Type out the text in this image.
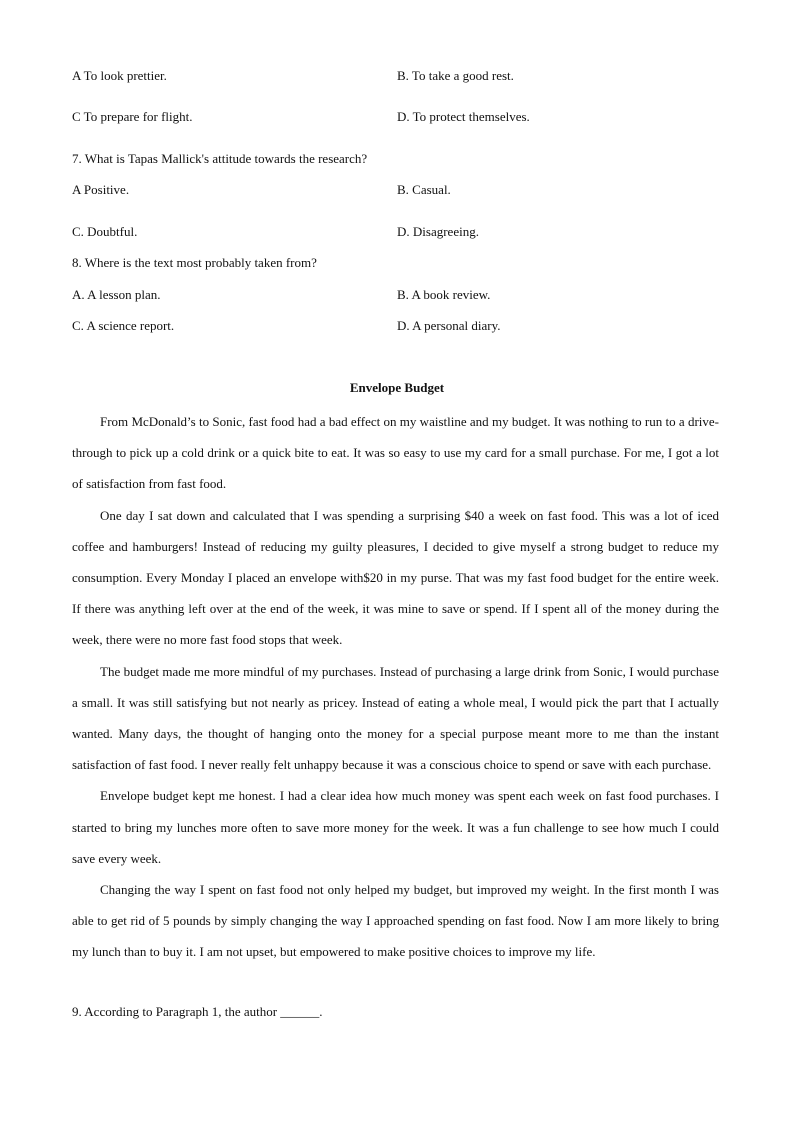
A To look prettier.	B. To take a good rest.
C To prepare for flight.	D. To protect themselves.
7. What is Tapas Mallick's attitude towards the research?
A Positive.	B. Casual.
C. Doubtful.	D. Disagreeing.
8. Where is the text most probably taken from?
A. A lesson plan.	B. A book review.
C. A science report.	D. A personal diary.
Envelope Budget

From McDonald’s to Sonic, fast food had a bad effect on my waistline and my budget. It was nothing to run to a drive-through to pick up a cold drink or a quick bite to eat. It was so easy to use my card for a small purchase. For me, I got a lot of satisfaction from fast food.

One day I sat down and calculated that I was spending a surprising $40 a week on fast food. This was a lot of iced coffee and hamburgers! Instead of reducing my guilty pleasures, I decided to give myself a strong budget to reduce my consumption. Every Monday I placed an envelope with$20 in my purse. That was my fast food budget for the entire week. If there was anything left over at the end of the week, it was mine to save or spend. If I spent all of the money during the week, there were no more fast food stops that week.

The budget made me more mindful of my purchases. Instead of purchasing a large drink from Sonic, I would purchase a small. It was still satisfying but not nearly as pricey. Instead of eating a whole meal, I would pick the part that I actually wanted. Many days, the thought of hanging onto the money for a special purpose meant more to me than the instant satisfaction of fast food. I never really felt unhappy because it was a conscious choice to spend or save with each purchase.

Envelope budget kept me honest. I had a clear idea how much money was spent each week on fast food purchases. I started to bring my lunches more often to save more money for the week. It was a fun challenge to see how much I could save every week.

Changing the way I spent on fast food not only helped my budget, but improved my weight. In the first month I was able to get rid of 5 pounds by simply changing the way I approached spending on fast food. Now I am more likely to bring my lunch than to buy it. I am not upset, but empowered to make positive choices to improve my life.

9. According to Paragraph 1, the author ______.
